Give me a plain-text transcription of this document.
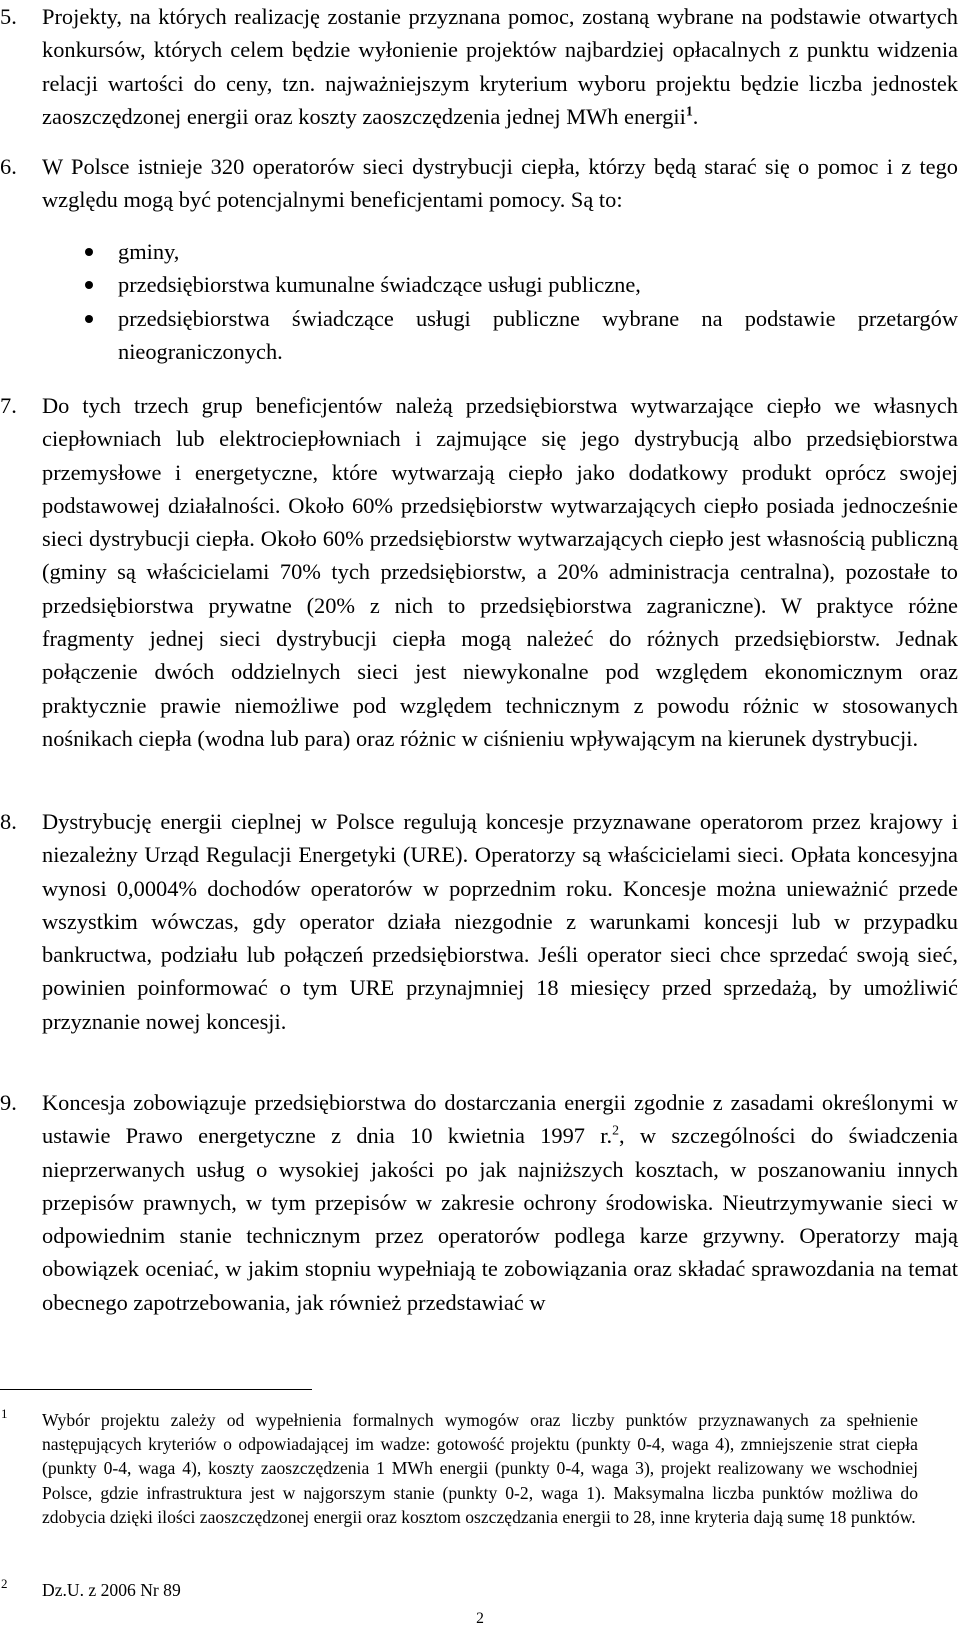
5. Projekty, na których realizację zostanie przyznana pomoc, zostaną wybrane na podstawie otwartych konkursów, których celem będzie wyłonienie projektów najbardziej opłacalnych z punktu widzenia relacji wartości do ceny, tzn. najważniejszym kryterium wyboru projektu będzie liczba jednostek zaoszczędzonej energii oraz koszty zaoszczędzenia jednej MWh energii$^1$.
6. W Polsce istnieje 320 operatorów sieci dystrybucji ciepła, którzy będą starać się o pomoc i z tego względu mogą być potencjalnymi beneficjentami pomocy. Są to:
gminy,
przedsiębiorstwa kumunalne świadczące usługi publiczne,
przedsiębiorstwa świadczące usługi publiczne wybrane na podstawie przetargów nieograniczonych.
7. Do tych trzech grup beneficjentów należą przedsiębiorstwa wytwarzające ciepło we własnych ciepłowniach lub elektrociepłowniach i zajmujące się jego dystrybucją albo przedsiębiorstwa przemysłowe i energetyczne, które wytwarzają ciepło jako dodatkowy produkt oprócz swojej podstawowej działalności. Około 60% przedsiębiorstw wytwarzających ciepło posiada jednocześnie sieci dystrybucji ciepła. Około 60% przedsiębiorstw wytwarzających ciepło jest własnością publiczną (gminy są właścicielami 70% tych przedsiębiorstw, a 20% administracja centralna), pozostałe to przedsiębiorstwa prywatne (20% z nich to przedsiębiorstwa zagraniczne). W praktyce różne fragmenty jednej sieci dystrybucji ciepła mogą należeć do różnych przedsiębiorstw. Jednak połączenie dwóch oddzielnych sieci jest niewykonalne pod względem ekonomicznym oraz praktycznie prawie niemożliwe pod względem technicznym z powodu różnic w stosowanych nośnikach ciepła (wodna lub para) oraz różnic w ciśnieniu wpływającym na kierunek dystrybucji.
8. Dystrybucję energii cieplnej w Polsce regulują koncesje przyznawane operatorom przez krajowy i niezależny Urząd Regulacji Energetyki (URE). Operatorzy są właścicielami sieci. Opłata koncesyjna wynosi 0,0004% dochodów operatorów w poprzednim roku. Koncesje można unieważnić przede wszystkim wówczas, gdy operator działa niezgodnie z warunkami koncesji lub w przypadku bankructwa, podziału lub połączeń przedsiębiorstwa. Jeśli operator sieci chce sprzedać swoją sieć, powinien poinformować o tym URE przynajmniej 18 miesięcy przed sprzedażą, by umożliwić przyznanie nowej koncesji.
9. Koncesja zobowiązuje przedsiębiorstwa do dostarczania energii zgodnie z zasadami określonymi w ustawie Prawo energetyczne z dnia 10 kwietnia 1997 r.$^2$, w szczególności do świadczenia nieprzerwanych usług o wysokiej jakości po jak najniższych kosztach, w poszanowaniu innych przepisów prawnych, w tym przepisów w zakresie ochrony środowiska. Nieutrzymywanie sieci w odpowiednim stanie technicznym przez operatorów podlega karze grzywny. Operatorzy mają obowiązek oceniać, w jakim stopniu wypełniają te zobowiązania oraz składać sprawozdania na temat obecnego zapotrzebowania, jak również przedstawiać w
1 Wybór projektu zależy od wypełnienia formalnych wymogów oraz liczby punktów przyznawanych za spełnienie następujących kryteriów o odpowiadającej im wadze: gotowość projektu (punkty 0-4, waga 4), zmniejszenie strat ciepła (punkty 0-4, waga 4), koszty zaoszczędzenia 1 MWh energii (punkty 0-4, waga 3), projekt realizowany we wschodniej Polsce, gdzie infrastruktura jest w najgorszym stanie (punkty 0-2, waga 1). Maksymalna liczba punktów możliwa do zdobycia dzięki ilości zaoszczędzonej energii oraz kosztom oszczędzania energii to 28, inne kryteria dają sumę 18 punktów.
2 Dz.U. z 2006 Nr 89
2
